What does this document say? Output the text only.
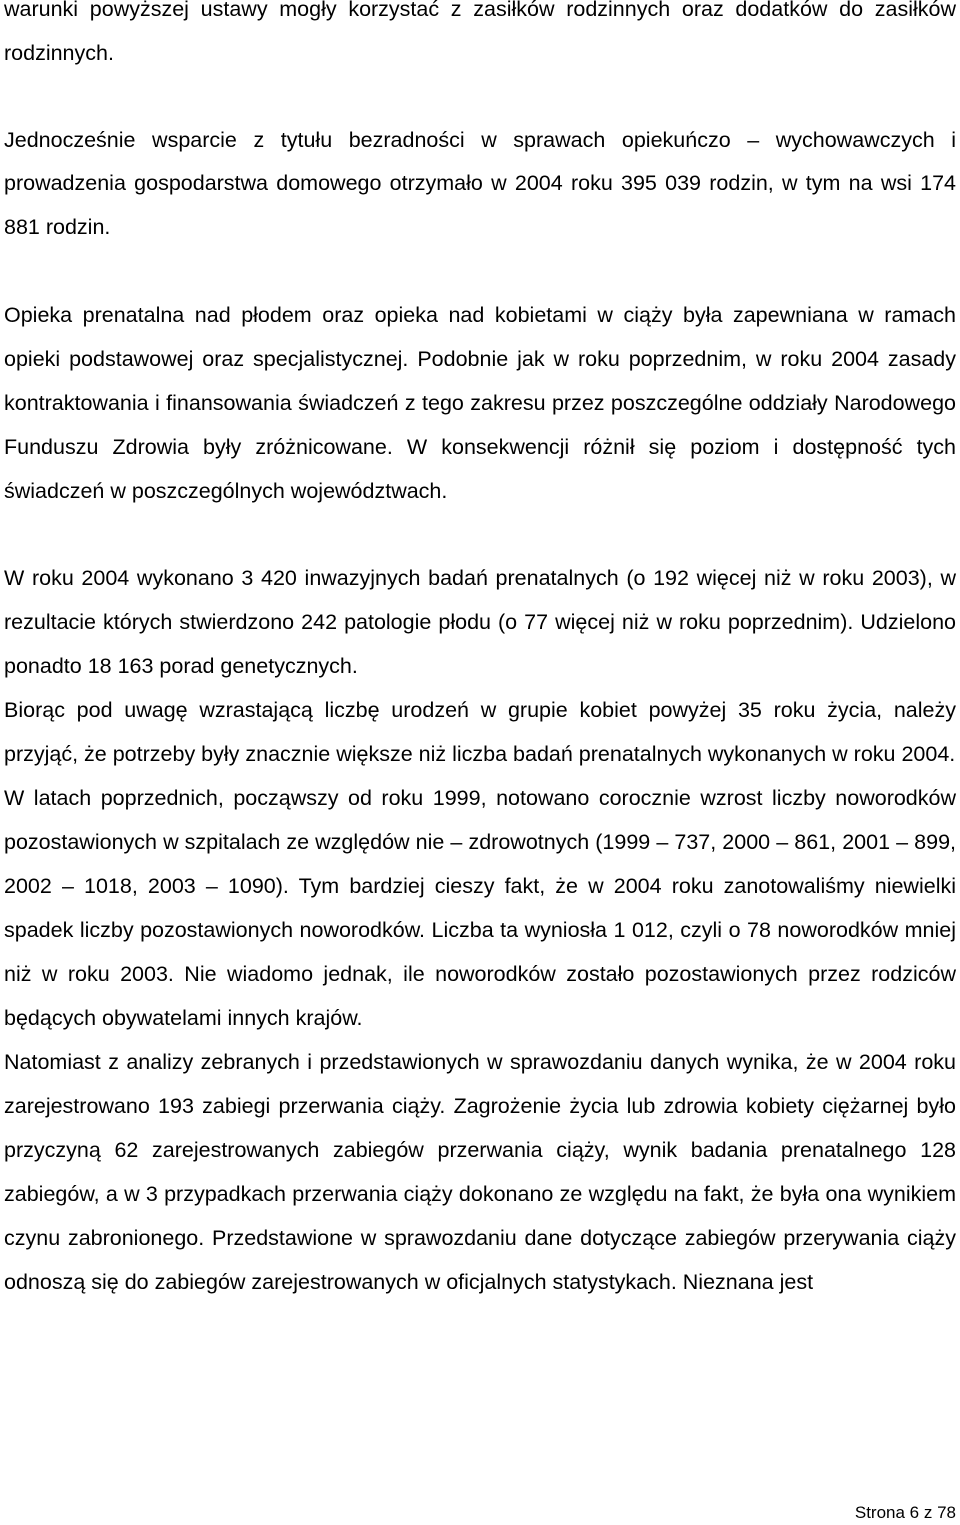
warunki powyższej ustawy mogły korzystać z zasiłków rodzinnych oraz dodatków do zasiłków rodzinnych.

Jednocześnie wsparcie z tytułu bezradności w sprawach opiekuńczo – wychowawczych i prowadzenia gospodarstwa domowego otrzymało w 2004 roku 395 039 rodzin, w tym na wsi 174 881 rodzin.

Opieka prenatalna nad płodem oraz opieka nad kobietami w ciąży była zapewniana w ramach opieki podstawowej oraz specjalistycznej. Podobnie jak w roku poprzednim, w roku 2004 zasady kontraktowania i finansowania świadczeń z tego zakresu przez poszczególne oddziały Narodowego Funduszu Zdrowia były zróżnicowane. W konsekwencji różnił się poziom i dostępność tych świadczeń w poszczególnych województwach.

W roku 2004 wykonano 3 420 inwazyjnych badań prenatalnych (o 192 więcej niż w roku 2003), w rezultacie których stwierdzono 242 patologie płodu (o 77 więcej niż w roku poprzednim). Udzielono ponadto 18 163 porad genetycznych.

Biorąc pod uwagę wzrastającą liczbę urodzeń w grupie kobiet powyżej 35 roku życia, należy przyjąć, że potrzeby były znacznie większe niż liczba badań prenatalnych wykonanych w roku 2004.

W latach poprzednich, począwszy od roku 1999, notowano corocznie wzrost liczby noworodków pozostawionych w szpitalach ze względów nie – zdrowotnych (1999 – 737, 2000 – 861, 2001 – 899, 2002 – 1018, 2003 – 1090). Tym bardziej cieszy fakt, że w 2004 roku zanotowaliśmy niewielki spadek liczby pozostawionych noworodków. Liczba ta wyniosła 1 012, czyli o 78 noworodków mniej niż w roku 2003. Nie wiadomo jednak, ile noworodków zostało pozostawionych przez rodziców będących obywatelami innych krajów.

Natomiast z analizy zebranych i przedstawionych w sprawozdaniu danych wynika, że w 2004 roku zarejestrowano 193 zabiegi przerwania ciąży. Zagrożenie życia lub zdrowia kobiety ciężarnej było przyczyną 62 zarejestrowanych zabiegów przerwania ciąży, wynik badania prenatalnego 128 zabiegów, a w 3 przypadkach przerwania ciąży dokonano ze względu na fakt, że była ona wynikiem czynu zabronionego. Przedstawione w sprawozdaniu dane dotyczące zabiegów przerywania ciąży odnoszą się do zabiegów zarejestrowanych w oficjalnych statystykach. Nieznana jest

Strona 6 z 78
